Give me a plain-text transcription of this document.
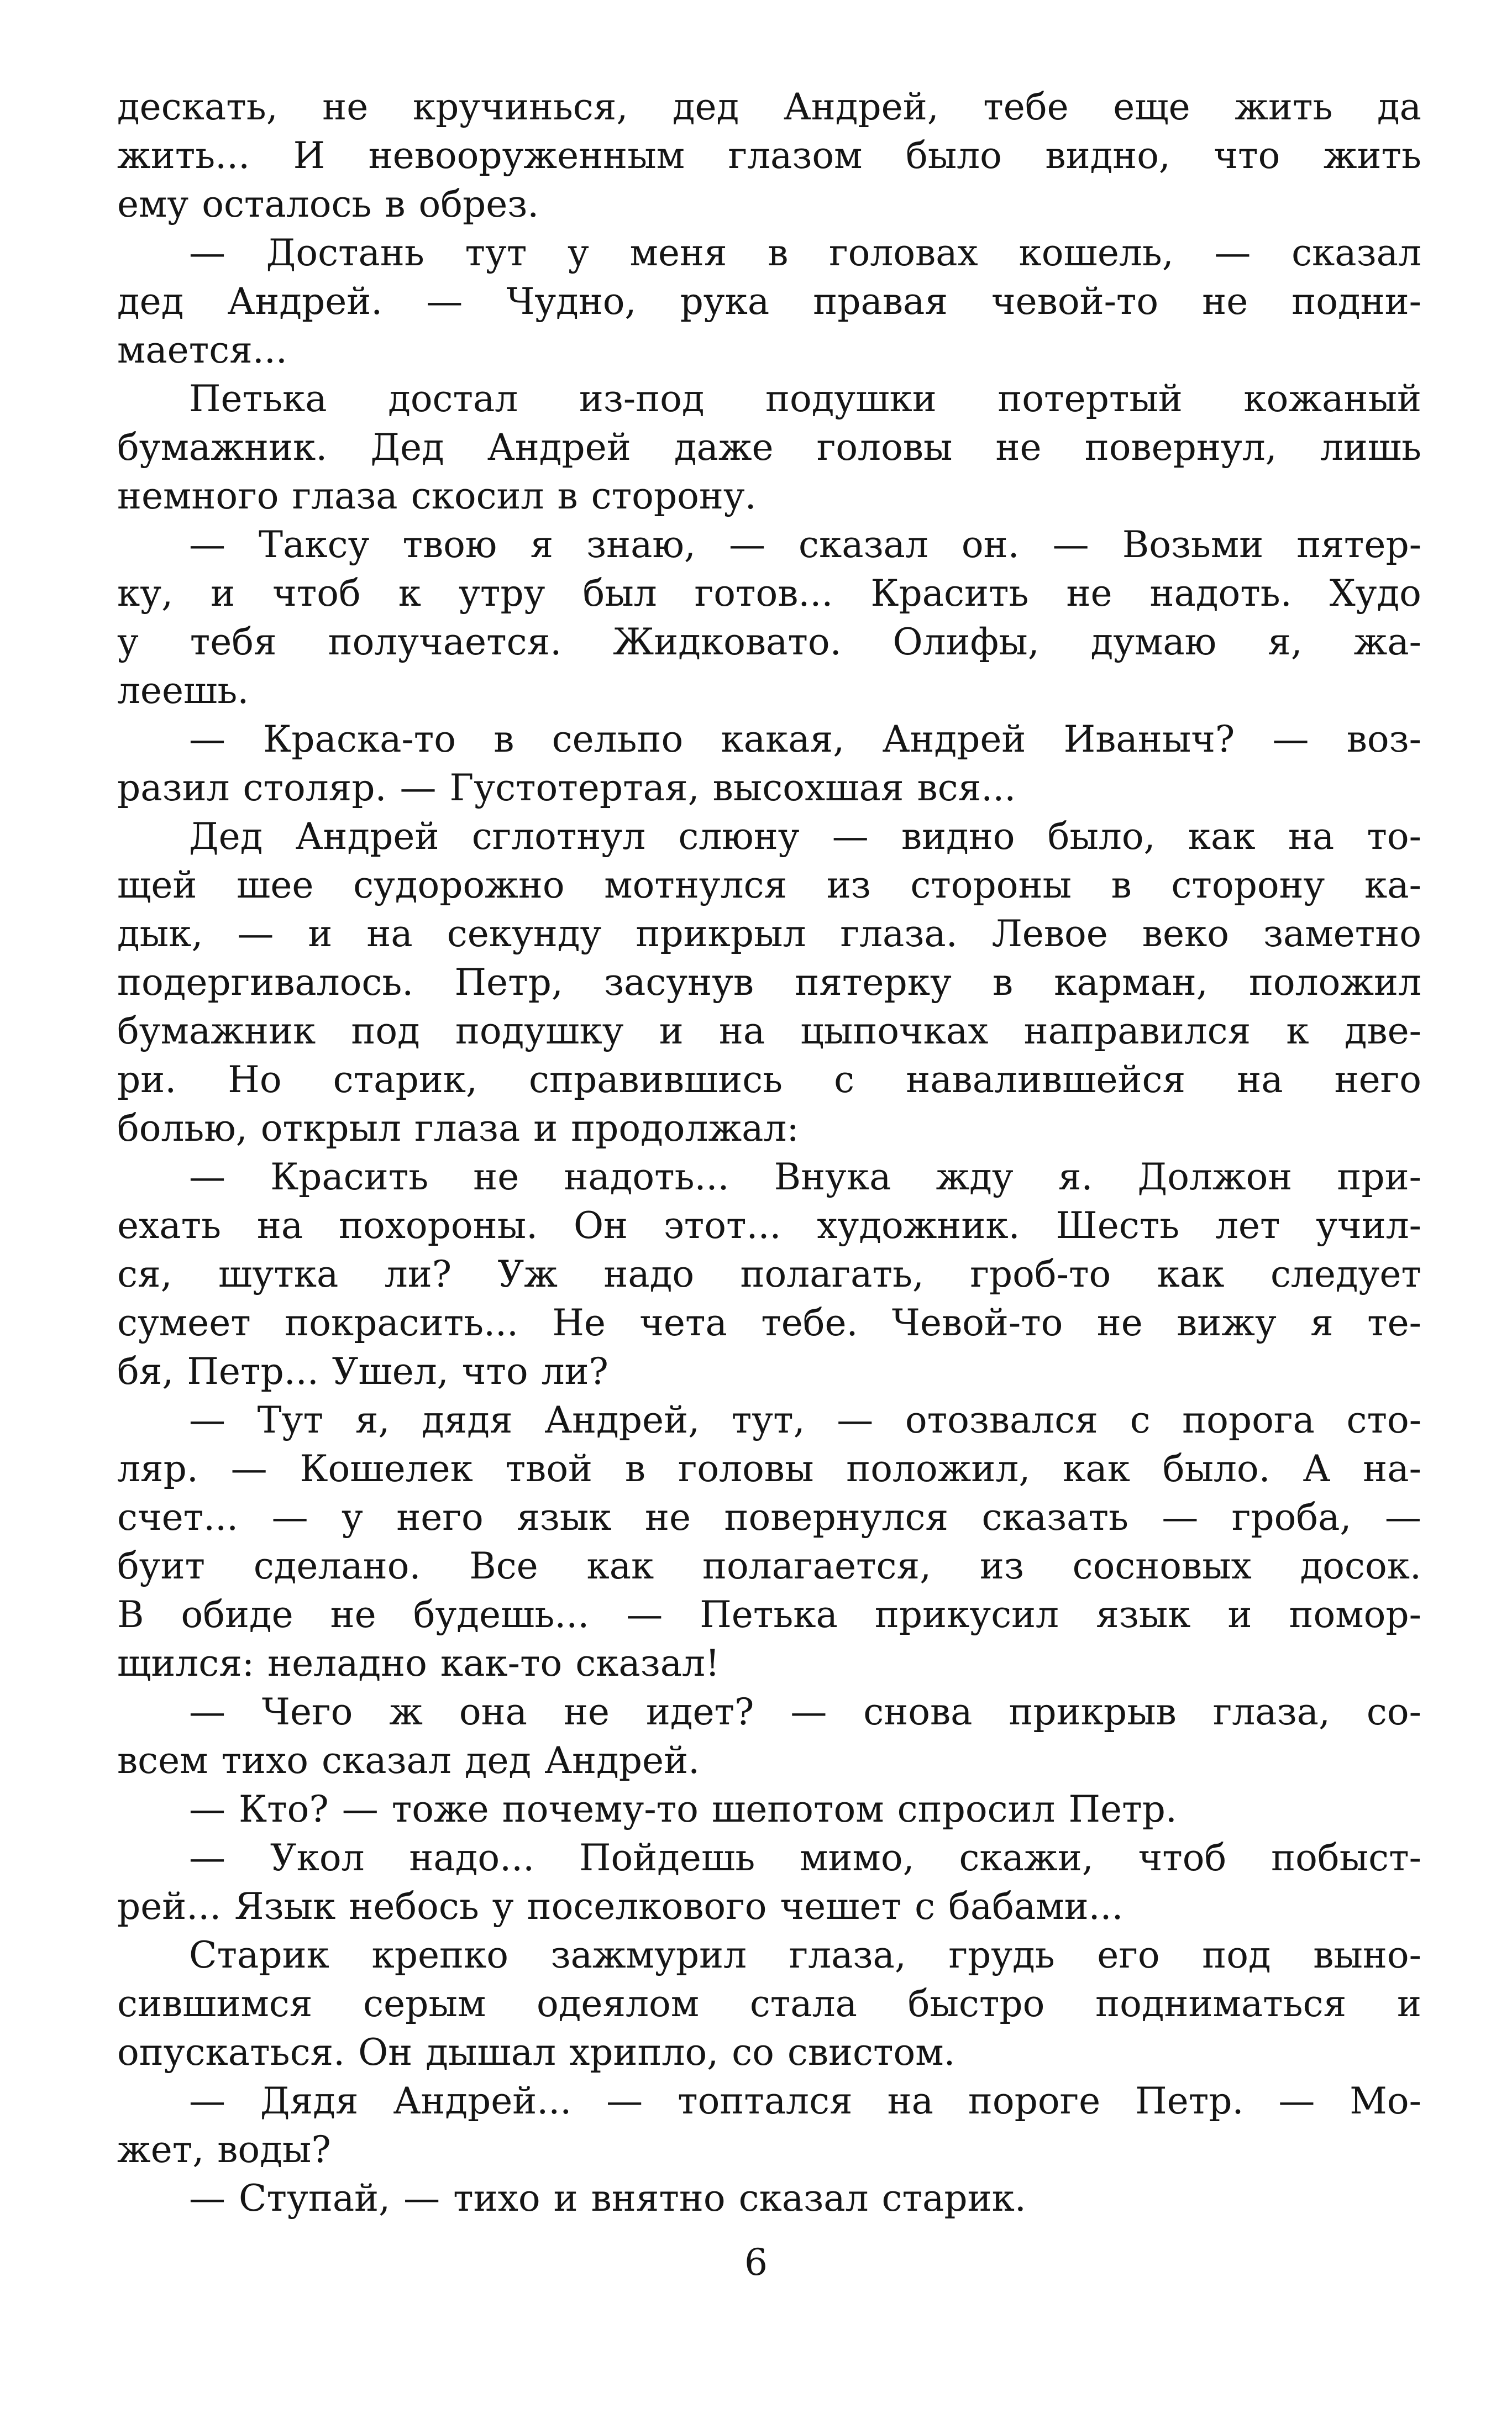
дескать, не кручинься, дед Андрей, тебе еще жить да
жить... И невооруженным глазом было видно, что жить
ему осталось в обрез.
— Достань тут у меня в головах кошель, — сказал
дед Андрей. — Чудно, рука правая чевой-то не подни-
мается...
Петька достал из-под подушки потертый кожаный
бумажник. Дед Андрей даже головы не повернул, лишь
немного глаза скосил в сторону.
— Таксу твою я знаю, — сказал он. — Возьми пятер-
ку, и чтоб к утру был готов... Красить не надоть. Худо
у тебя получается. Жидковато. Олифы, думаю я, жа-
леешь.
— Краска-то в сельпо какая, Андрей Иваныч? — воз-
разил столяр. — Густотертая, высохшая вся...
Дед Андрей сглотнул слюну — видно было, как на то-
щей шее судорожно мотнулся из стороны в сторону ка-
дык, — и на секунду прикрыл глаза. Левое веко заметно
подергивалось. Петр, засунув пятерку в карман, положил
бумажник под подушку и на цыпочках направился к две-
ри. Но старик, справившись с навалившейся на него
болью, открыл глаза и продолжал:
— Красить не надоть... Внука жду я. Должон при-
ехать на похороны. Он этот... художник. Шесть лет учил-
ся, шутка ли? Уж надо полагать, гроб-то как следует
сумеет покрасить... Не чета тебе. Чевой-то не вижу я те-
бя, Петр... Ушел, что ли?
— Тут я, дядя Андрей, тут, — отозвался с порога сто-
ляр. — Кошелек твой в головы положил, как было. А на-
счет... — у него язык не повернулся сказать — гроба, —
буит сделано. Все как полагается, из сосновых досок.
В обиде не будешь... — Петька прикусил язык и помор-
щился: неладно как-то сказал!
— Чего ж она не идет? — снова прикрыв глаза, со-
всем тихо сказал дед Андрей.
— Кто? — тоже почему-то шепотом спросил Петр.
— Укол надо... Пойдешь мимо, скажи, чтоб побыст-
рей... Язык небось у поселкового чешет с бабами...
Старик крепко зажмурил глаза, грудь его под выно-
сившимся серым одеялом стала быстро подниматься и
опускаться. Он дышал хрипло, со свистом.
— Дядя Андрей... — топтался на пороге Петр. — Мо-
жет, воды?
— Ступай, — тихо и внятно сказал старик.
6
